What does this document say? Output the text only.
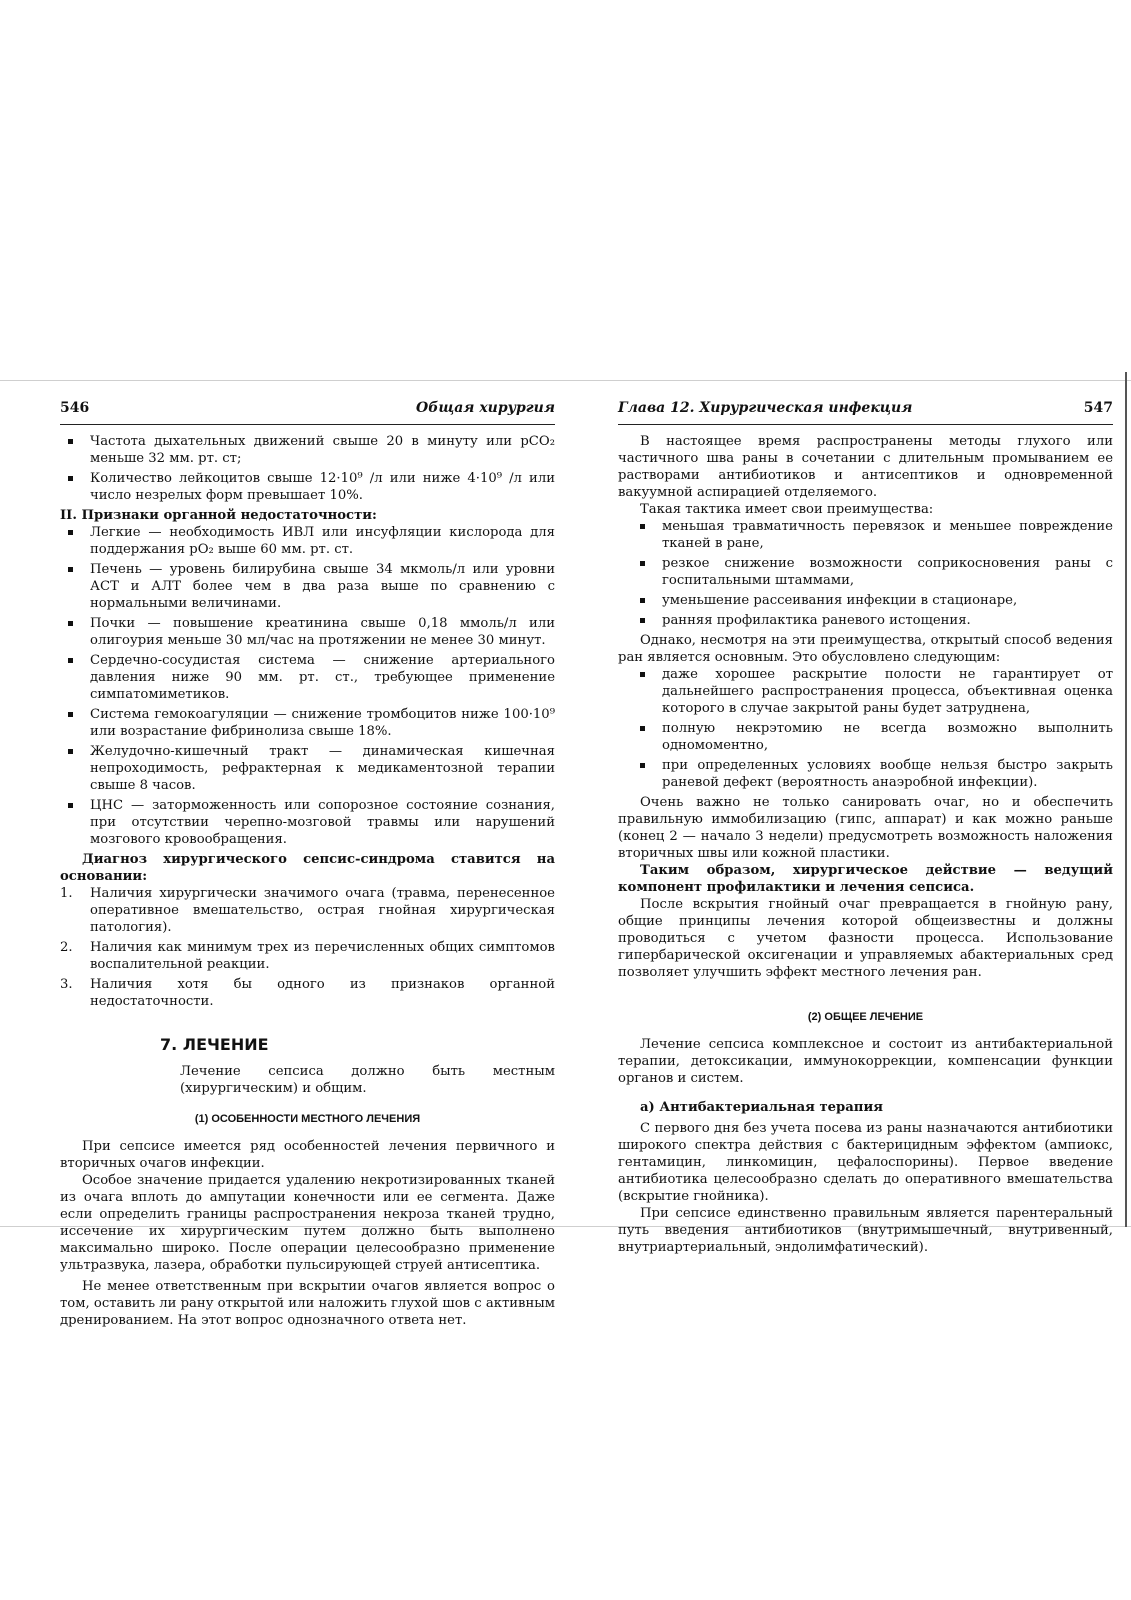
546	Общая хирургия
Частота дыхательных движений свыше 20 в минуту или pCO₂ меньше 32 мм. рт. ст;
Количество лейкоцитов свыше 12·10⁹ /л или ниже 4·10⁹ /л или число незрелых форм превышает 10%.

II. Признаки органной недостаточности:

Легкие — необходимость ИВЛ или инсуфляции кислорода для поддержания pO₂ выше 60 мм. рт. ст.
Печень — уровень билирубина свыше 34 мкмоль/л или уровни АСТ и АЛТ более чем в два раза выше по сравнению с нормальными величинами.
Почки — повышение креатинина свыше 0,18 ммоль/л или олигоурия меньше 30 мл/час на протяжении не менее 30 минут.
Сердечно-сосудистая система — снижение артериального давления ниже 90 мм. рт. ст., требующее применение симпатомиметиков.
Система гемокоагуляции — снижение тромбоцитов ниже 100·10⁹ или возрастание фибринолиза свыше 18%.
Желудочно-кишечный тракт — динамическая кишечная непроходимость, рефрактерная к медикаментозной терапии свыше 8 часов.
ЦНС — заторможенность или сопорозное состояние сознания, при отсутствии черепно-мозговой травмы или нарушений мозгового кровообращения.

Диагноз хирургического сепсис-синдрома ставится на основании:

1. Наличия хирургически значимого очага (травма, перенесенное оперативное вмешательство, острая гнойная хирургическая патология).
2. Наличия как минимум трех из перечисленных общих симптомов воспалительной реакции.
3. Наличия хотя бы одного из признаков органной недостаточности.
7. ЛЕЧЕНИЕ

Лечение сепсиса должно быть местным (хирургическим) и общим.

(1) ОСОБЕННОСТИ МЕСТНОГО ЛЕЧЕНИЯ

При сепсисе имеется ряд особенностей лечения первичного и вторичных очагов инфекции.

Особое значение придается удалению некротизированных тканей из очага вплоть до ампутации конечности или ее сегмента. Даже если определить границы распространения некроза тканей трудно, иссечение их хирургическим путем должно быть выполнено максимально широко. После операции целесообразно применение ультразвука, лазера, обработки пульсирующей струей антисептика.

Не менее ответственным при вскрытии очагов является вопрос о том, оставить ли рану открытой или наложить глухой шов с активным дренированием. На этот вопрос однозначного ответа нет.

Глава 12. Хирургическая инфекция	547

В настоящее время распространены методы глухого или частичного шва раны в сочетании с длительным промыванием ее растворами антибиотиков и антисептиков и одновременной вакуумной аспирацией отделяемого.

Такая тактика имеет свои преимущества:

меньшая травматичность перевязок и меньшее повреждение тканей в ране,
резкое снижение возможности соприкосновения раны с госпитальными штаммами,
уменьшение рассеивания инфекции в стационаре,
ранняя профилактика раневого истощения.

Однако, несмотря на эти преимущества, открытый способ ведения ран является основным. Это обусловлено следующим:

даже хорошее раскрытие полости не гарантирует от дальнейшего распространения процесса, объективная оценка которого в случае закрытой раны будет затруднена,
полную некрэтомию не всегда возможно выполнить одномоментно,
при определенных условиях вообще нельзя быстро закрыть раневой дефект (вероятность анаэробной инфекции).

Очень важно не только санировать очаг, но и обеспечить правильную иммобилизацию (гипс, аппарат) и как можно раньше (конец 2 — начало 3 недели) предусмотреть возможность наложения вторичных швы или кожной пластики.

Таким образом, хирургическое действие — ведущий компонент профилактики и лечения сепсиса.

После вскрытия гнойный очаг превращается в гнойную рану, общие принципы лечения которой общеизвестны и должны проводиться с учетом фазности процесса. Использование гипербарической оксигенации и управляемых абактериальных сред позволяет улучшить эффект местного лечения ран.

(2) ОБЩЕЕ ЛЕЧЕНИЕ

Лечение сепсиса комплексное и состоит из антибактериальной терапии, детоксикации, иммунокоррекции, компенсации функции органов и систем.

а) Антибактериальная терапия

С первого дня без учета посева из раны назначаются антибиотики широкого спектра действия с бактерицидным эффектом (ампиокс, гентамицин, линкомицин, цефалоспорины). Первое введение антибиотика целесообразно сделать до оперативного вмешательства (вскрытие гнойника).

При сепсисе единственно правильным является парентеральный путь введения антибиотиков (внутримышечный, внутривенный, внутриартериальный, эндолимфатический).
